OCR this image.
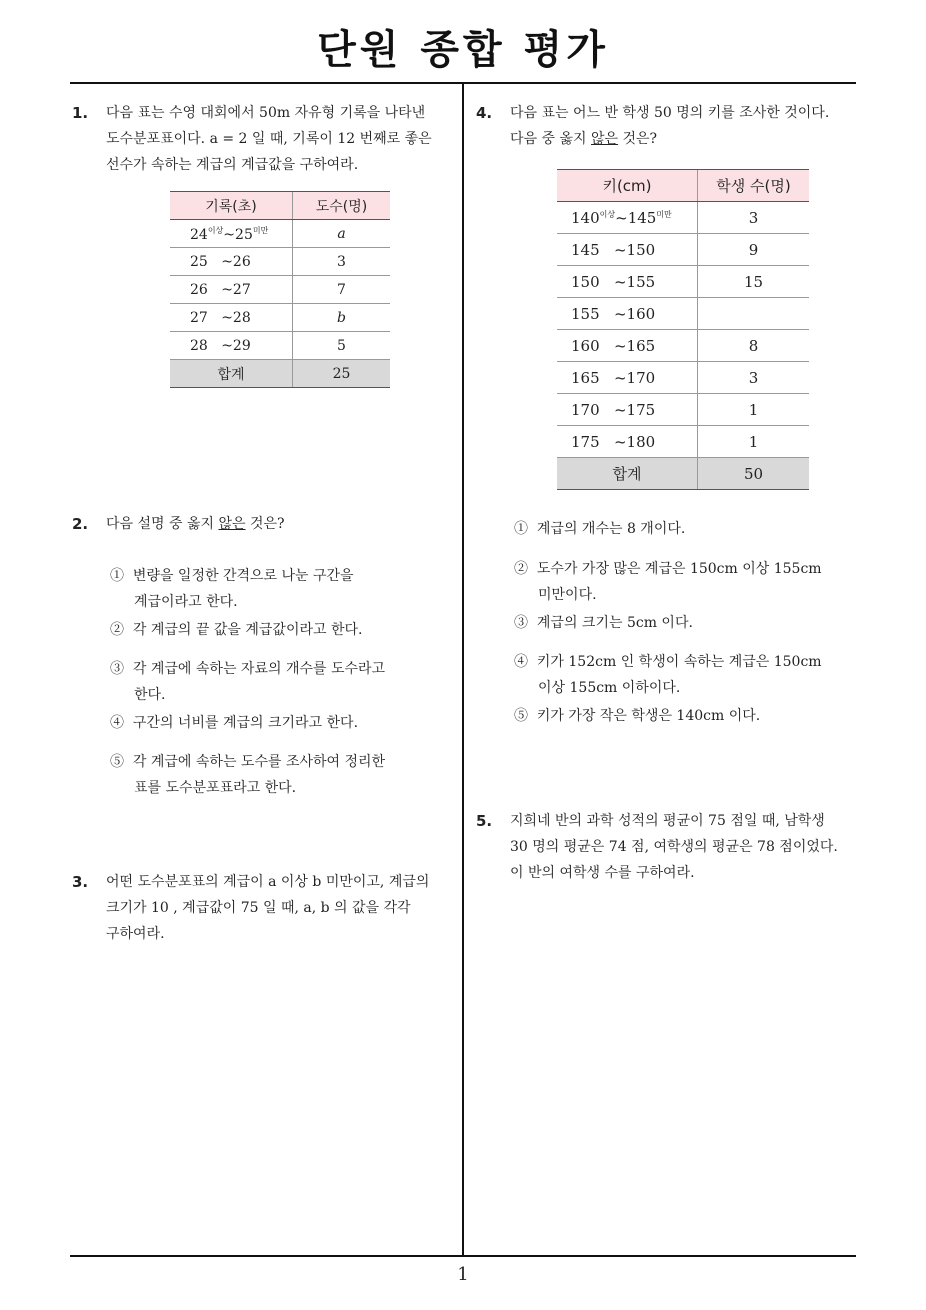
단원 종합 평가
1. 다음 표는 수영 대회에서 50m 자유형 기록을 나타낸
도수분포표이다. a = 2 일 때, 기록이 12 번째로 좋은
선수가 속하는 계급의 계급값을 구하여라.
기록(초)	도수(명)
$24^{이상}\sim 25^{미만}$	a
25 ~26	3
26 ~27	7
27 ~28	b
28 ~29	5
합계	25
2. 다음 설명 중 옳지 않은 것은?
① 변량을 일정한 간격으로 나눈 구간을
계급이라고 한다.
② 각 계급의 끝 값을 계급값이라고 한다.
③ 각 계급에 속하는 자료의 개수를 도수라고
한다.
④ 구간의 너비를 계급의 크기라고 한다.
⑤ 각 계급에 속하는 도수를 조사하여 정리한
표를 도수분포표라고 한다.
3. 어떤 도수분포표의 계급이 a 이상 b 미만이고, 계급의
크기가 10 , 계급값이 75 일 때, a, b 의 값을 각각
구하여라.
4. 다음 표는 어느 반 학생 50 명의 키를 조사한 것이다.
다음 중 옳지 않은 것은?
키(cm)	학생 수(명)
$140^{이상}\sim 145^{미만}$	3
145 ~150	9
150 ~155	15
155 ~160	
160 ~165	8
165 ~170	3
170 ~175	1
175 ~180	1
합계	50
① 계급의 개수는 8 개이다.
② 도수가 가장 많은 계급은 150cm 이상 155cm
미만이다.
③ 계급의 크기는 5cm 이다.
④ 키가 152cm 인 학생이 속하는 계급은 150cm
이상 155cm 이하이다.
⑤ 키가 가장 작은 학생은 140cm 이다.
5. 지희네 반의 과학 성적의 평균이 75 점일 때, 남학생
30 명의 평균은 74 점, 여학생의 평균은 78 점이었다.
이 반의 여학생 수를 구하여라.
1
